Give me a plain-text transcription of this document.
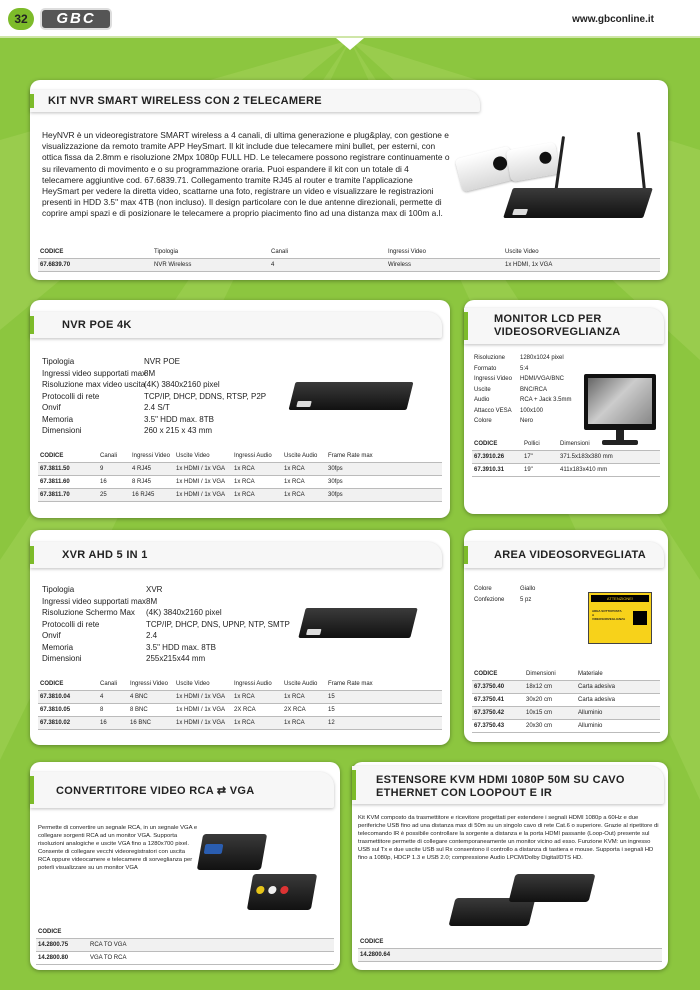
32	GBC	www.gbconline.it
KIT NVR SMART WIRELESS CON 2 TELECAMERE
HeyNVR è un videoregistratore SMART wireless a 4 canali, di ultima generazione e plug&play, con gestione e visualizzazione da remoto tramite APP HeySmart. Il kit include due telecamere mini bullet, per esterni, con ottica fissa da 2.8mm e risoluzione 2Mpx 1080p FULL HD. Le telecamere possono registrare continuamente o su rilevamento di movimento e o su programmazione oraria. Puoi espandere il kit con un totale di 4 telecamere aggiuntive cod. 67.6839.71. Collegamento tramite RJ45 al router e tramite l'applicazione HeySmart per vedere la diretta video, scattarne una foto, registrare un video e visualizzare le registrazioni presenti in HDD 3.5" max 4TB (non incluso). Il design particolare con le due antenne direzionali, permette di coprire ampi spazi e di posizionare le telecamere a proprio piacimento fino ad una distanza max di 100m a.l.
CODICE	Tipologia	Canali	Ingressi Video	Uscite Video
67.6839.70	NVR Wireless	4	Wireless	1x HDMI, 1x VGA
NVR POE 4K
Tipologia	NVR POE
Ingressi video supportati max
8M
Risoluzione max video uscita
(4K) 3840x2160 pixel
Protocolli di rete	TCP/IP, DHCP, DDNS, RTSP, P2P
Onvif	2.4 S/T
Memoria	3.5" HDD max. 8TB
Dimensioni	260 x 215 x 43 mm
CODICE	Canali	Ingressi Video	Uscite Video	Ingressi Audio	Uscite Audio	Frame Rate max
67.3811.50	9	4 RJ45	1x HDMI / 1x VGA	1x RCA	1x RCA	30fps
67.3811.60	16	8 RJ45	1x HDMI / 1x VGA	1x RCA	1x RCA	30fps
67.3811.70	25	16 RJ45	1x HDMI / 1x VGA	1x RCA	1x RCA	30fps
MONITOR LCD PER VIDEOSORVEGLIANZA
Risoluzione 1280x1024 pixel
Formato	5:4
Ingressi Video HDMI/VGA/BNC
Uscite	BNC/RCA
Audio	RCA + Jack 3.5mm
Attacco VESA 100x100
Colore	Nero
CODICE	Pollici	Dimensioni
67.3910.26	17"	371.5x183x380 mm
67.3910.31	19"	411x183x410 mm
XVR AHD 5 IN 1
Tipologia	XVR
Ingressi video supportati max 8M
Risoluzione Schermo Max (4K) 3840x2160 pixel
Protocolli di rete	TCP/IP, DHCP, DNS, UPNP, NTP, SMTP
Onvif	2.4
Memoria	3.5" HDD max. 8TB
Dimensioni	255x215x44 mm
CODICE	Canali	Ingressi Video	Uscite Video	Ingressi Audio	Uscite Audio	Frame Rate max
67.3810.04	4	4 BNC	1x HDMI / 1x VGA	1x RCA	1x RCA	15
67.3810.05	8	8 BNC	1x HDMI / 1x VGA	2X RCA	2X RCA	15
67.3810.02	16	16 BNC	1x HDMI / 1x VGA	1x RCA	1x RCA	12
AREA VIDEOSORVEGLIATA
Colore	Giallo
Confezione	5 pz	ATTENZIONE!
AREA SOTTOPOSTA A VIDEOSORVEGLIANZA
CODICE	Dimensioni	Materiale
67.3750.40	18x12 cm	Carta adesiva
67.3750.41	30x20 cm	Carta adesiva
67.3750.42	10x15 cm	Alluminio
67.3750.43	20x30 cm	Alluminio
CONVERTITORE VIDEO RCA ⇄ VGA
Permette di convertire un segnale RCA, in un segnale VGA e collegare sorgenti RCA ad un monitor VGA. Supporta risoluzioni analogiche e uscite VGA fino a 1280x700 pixel. Consente di collegare vecchi videoregistratori con uscita RCA oppure videocamere e telecamere di sorveglianza per poterli visualizzare su un monitor VGA
CODICE	
14.2800.75	RCA TO VGA
14.2800.80	VGA TO RCA
ESTENSORE KVM HDMI 1080P 50M SU CAVO ETHERNET CON LOOPOUT E IR
Kit KVM composto da trasmettitore e ricevitore progettati per estendere i segnali HDMI 1080p a 60Hz e due periferiche USB fino ad una distanza max di 50m su un singolo cavo di rete Cat.6 o superiore. Grazie al ripetitore di telecomando IR è possibile controllare la sorgente a distanza e la porta HDMI passante (Loop-Out) presente sul trasmettitore permette di collegare contemporaneamente un monitor vicino ad esso. Funzione KVM: un ingresso USB sul Tx e due uscite USB sul Rx consentono il controllo a distanza di tastiera e mouse. Supporta i segnali HD fino a 1080p, HDCP 1.3 e USB 2.0; compressione Audio LPCM/Dolby Digital/DTS HD.
CODICE
14.2800.64
